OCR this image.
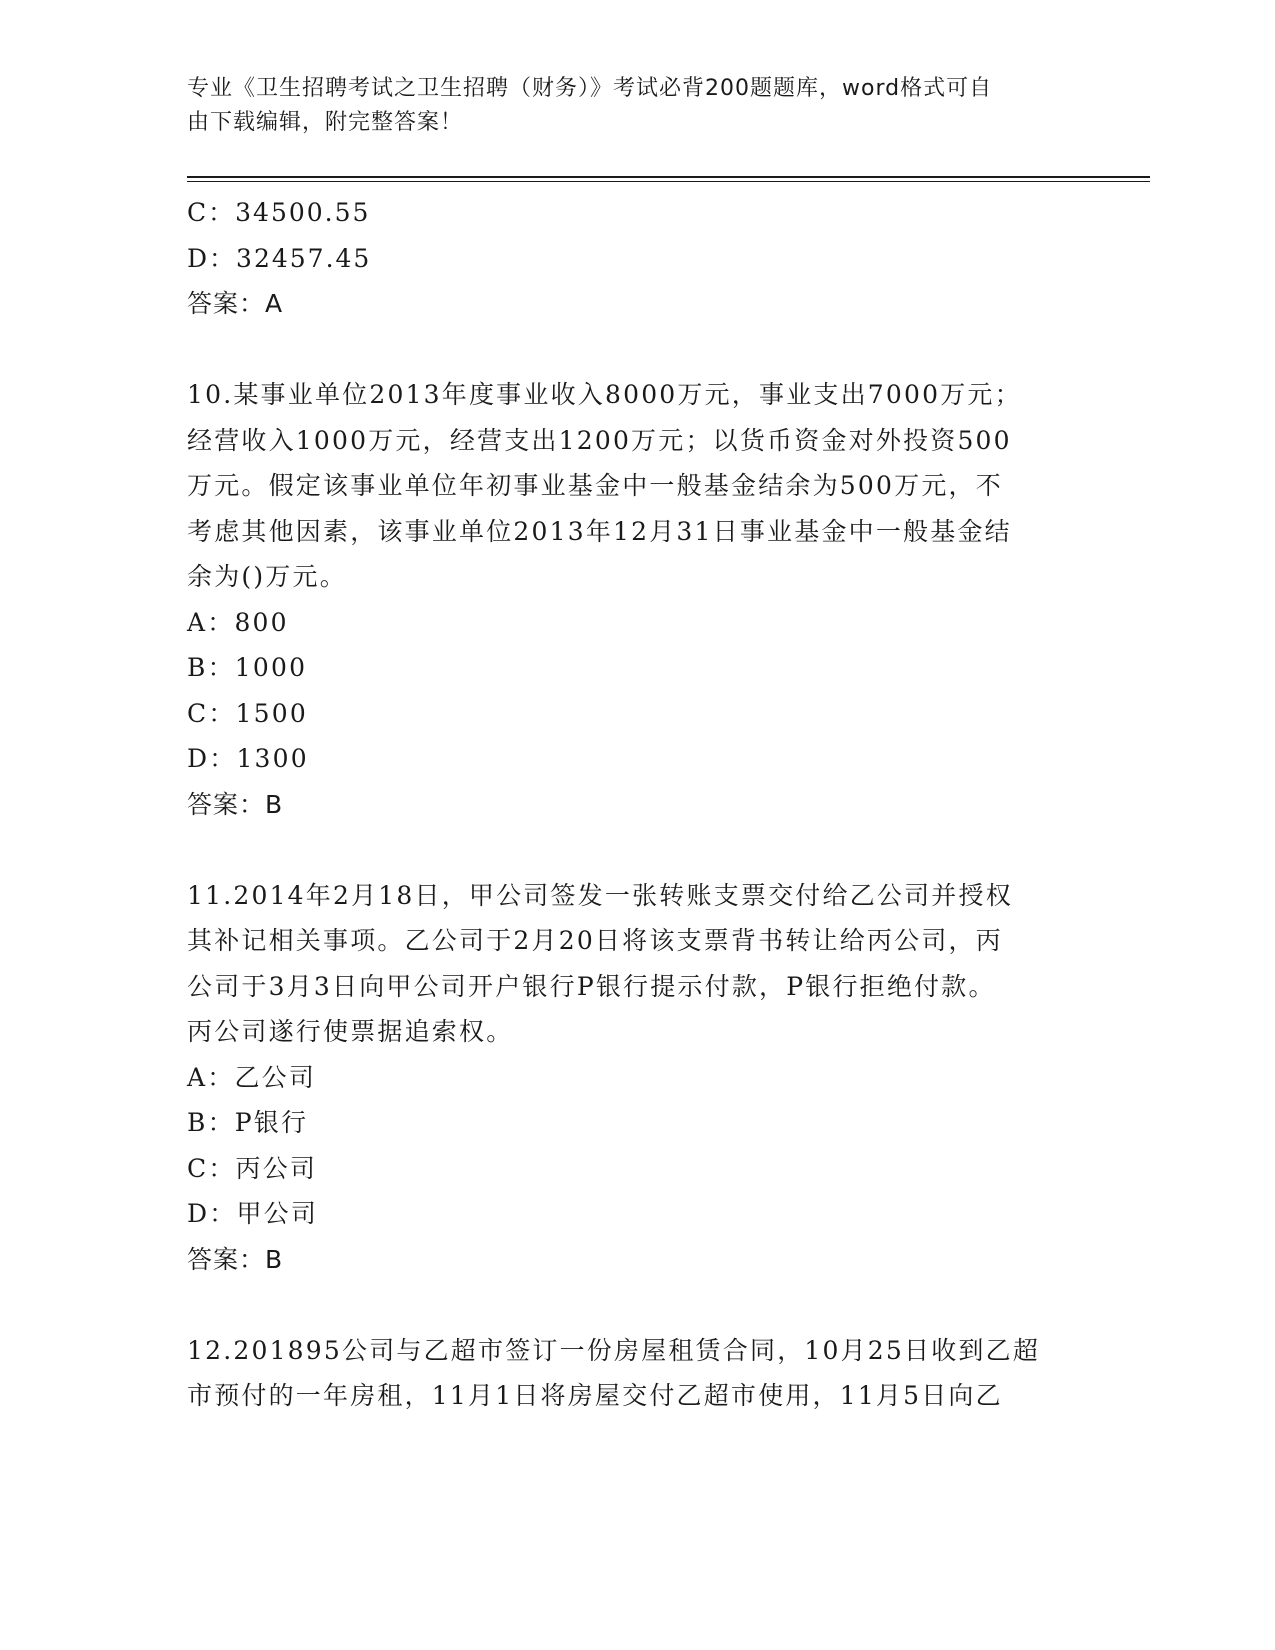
专业《卫生招聘考试之卫生招聘（财务）》考试必背200题题库，word格式可自
由下载编辑，附完整答案！
C：34500.55
D：32457.45
答案：A
10.某事业单位2013年度事业收入8000万元，事业支出7000万元；
经营收入1000万元，经营支出1200万元；以货币资金对外投资500
万元。假定该事业单位年初事业基金中一般基金结余为500万元，不
考虑其他因素，该事业单位2013年12月31日事业基金中一般基金结
余为()万元。
A：800
B：1000
C：1500
D：1300
答案：B
11.2014年2月18日，甲公司签发一张转账支票交付给乙公司并授权
其补记相关事项。乙公司于2月20日将该支票背书转让给丙公司，丙
公司于3月3日向甲公司开户银行P银行提示付款，P银行拒绝付款。
丙公司遂行使票据追索权。
A：乙公司
B：P银行
C：丙公司
D：甲公司
答案：B
12.201895公司与乙超市签订一份房屋租赁合同，10月25日收到乙超
市预付的一年房租，11月1日将房屋交付乙超市使用，11月5日向乙
